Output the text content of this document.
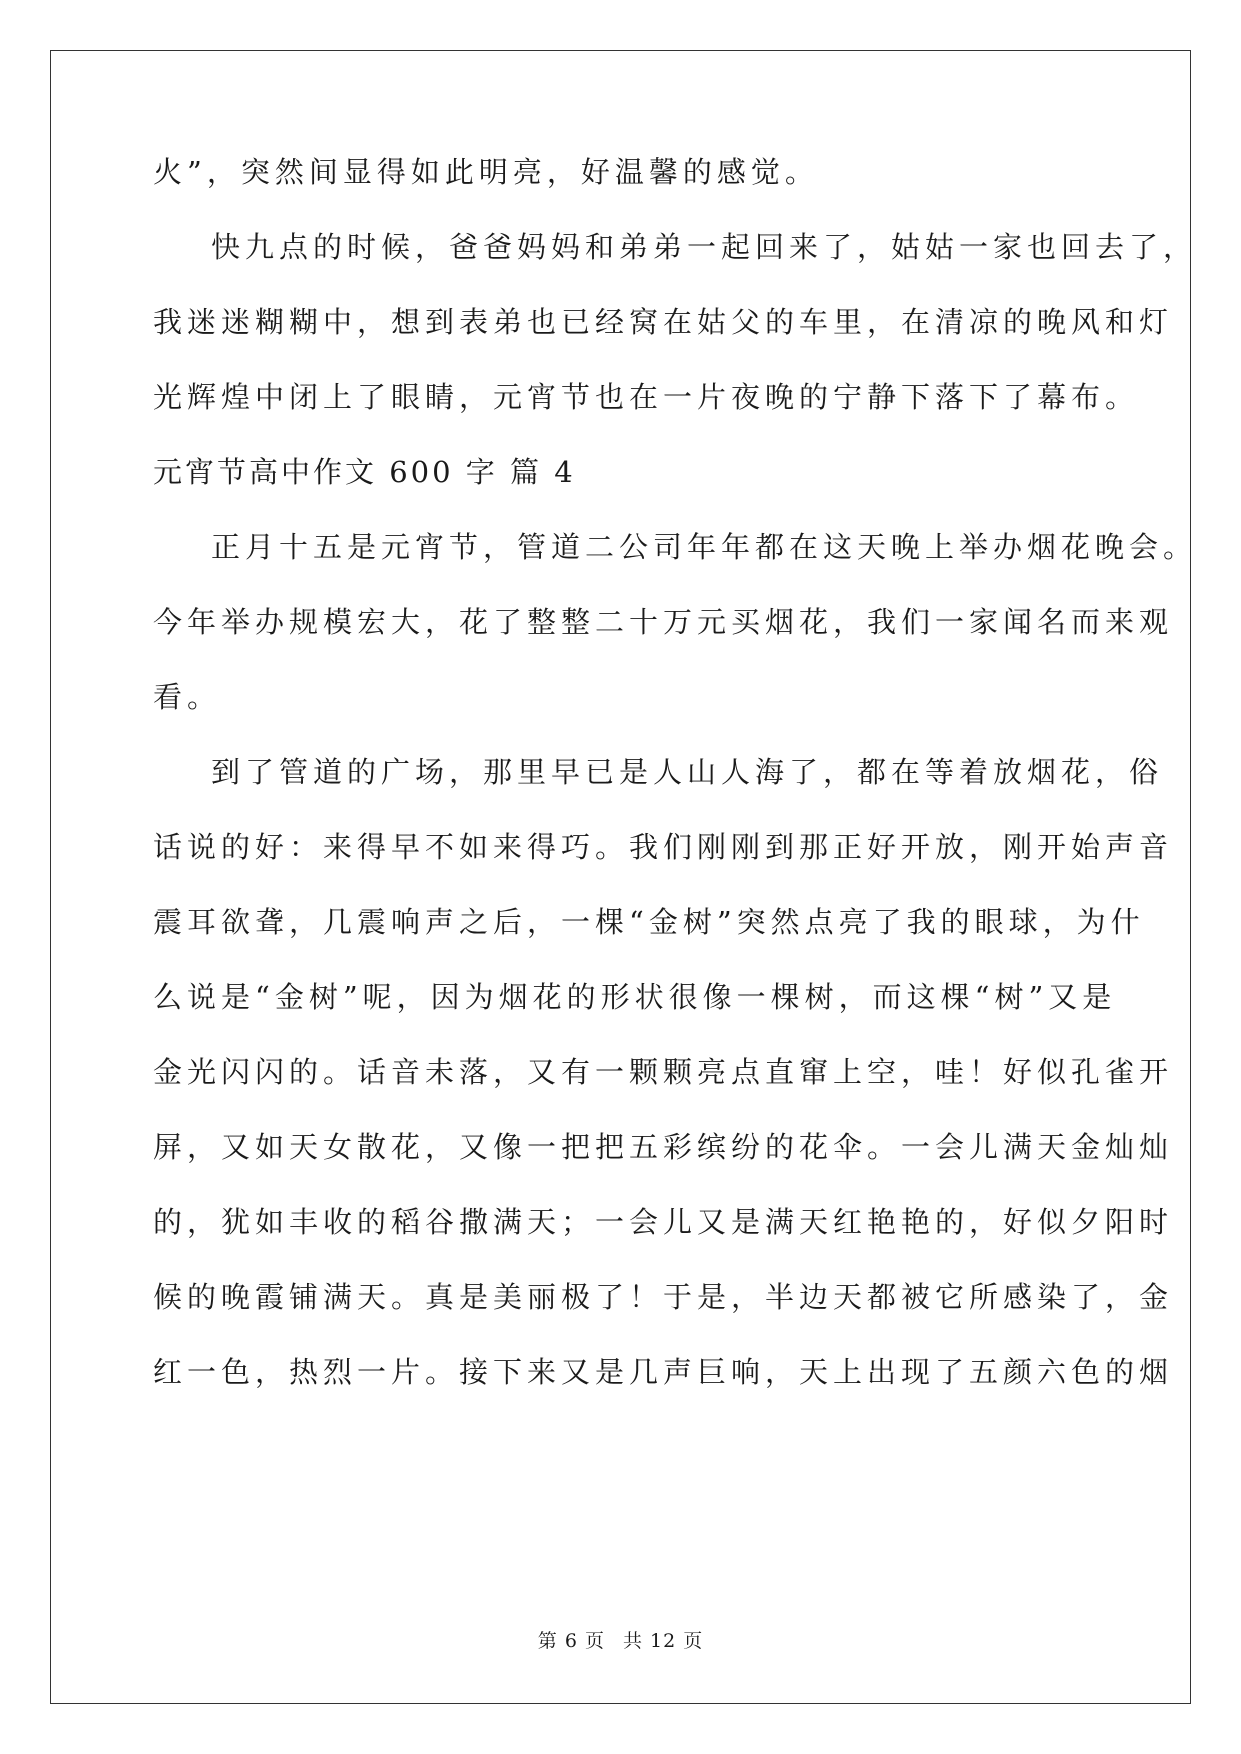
火”，突然间显得如此明亮，好温馨的感觉。
快九点的时候，爸爸妈妈和弟弟一起回来了，姑姑一家也回去了，
我迷迷糊糊中，想到表弟也已经窝在姑父的车里，在清凉的晚风和灯
光辉煌中闭上了眼睛，元宵节也在一片夜晚的宁静下落下了幕布。
元宵节高中作文 600 字 篇 4
正月十五是元宵节，管道二公司年年都在这天晚上举办烟花晚会。
今年举办规模宏大，花了整整二十万元买烟花，我们一家闻名而来观
看。
到了管道的广场，那里早已是人山人海了，都在等着放烟花，俗
话说的好：来得早不如来得巧。我们刚刚到那正好开放，刚开始声音
震耳欲聋，几震响声之后，一棵“金树”突然点亮了我的眼球，为什
么说是“金树”呢，因为烟花的形状很像一棵树，而这棵“树”又是
金光闪闪的。话音未落，又有一颗颗亮点直窜上空，哇！好似孔雀开
屏，又如天女散花，又像一把把五彩缤纷的花伞。一会儿满天金灿灿
的，犹如丰收的稻谷撒满天；一会儿又是满天红艳艳的，好似夕阳时
候的晚霞铺满天。真是美丽极了！于是，半边天都被它所感染了，金
红一色，热烈一片。接下来又是几声巨响，天上出现了五颜六色的烟
第 6 页 共 12 页
